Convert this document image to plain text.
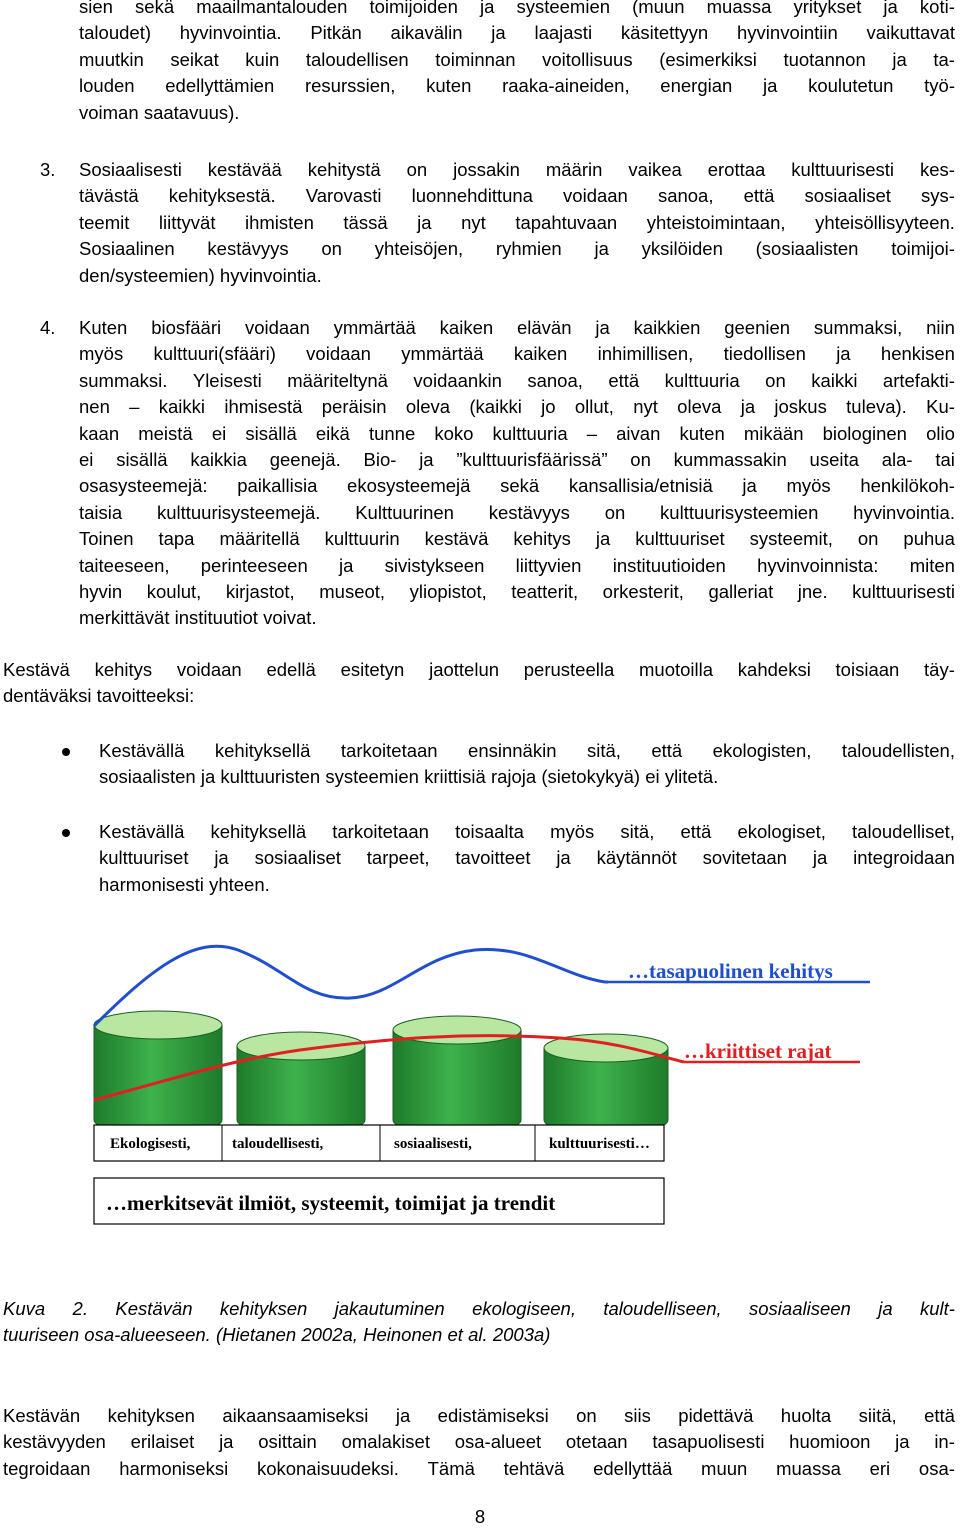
sien sekä maailmantalouden toimijoiden ja systeemien (muun muassa yritykset ja koti-
taloudet) hyvinvointia. Pitkän aikavälin ja laajasti käsitettyyn hyvinvointiin vaikuttavat
muutkin seikat kuin taloudellisen toiminnan voitollisuus (esimerkiksi tuotannon ja ta-
louden edellyttämien resurssien, kuten raaka-aineiden, energian ja koulutetun työ-
voiman saatavuus).
3. Sosiaalisesti kestävää kehitystä on jossakin määrin vaikea erottaa kulttuurisesti kes-
tävästä kehityksestä. Varovasti luonnehdittuna voidaan sanoa, että sosiaaliset sys-
teemit liittyvät ihmisten tässä ja nyt tapahtuvaan yhteistoimintaan, yhteisöllisyyteen.
Sosiaalinen kestävyys on yhteisöjen, ryhmien ja yksilöiden (sosiaalisten toimijoi-
den/systeemien) hyvinvointia.
4. Kuten biosfääri voidaan ymmärtää kaiken elävän ja kaikkien geenien summaksi, niin
myös kulttuuri(sfääri) voidaan ymmärtää kaiken inhimillisen, tiedollisen ja henkisen
summaksi. Yleisesti määriteltynä voidaankin sanoa, että kulttuuria on kaikki artefakti-
nen – kaikki ihmisestä peräisin oleva (kaikki jo ollut, nyt oleva ja joskus tuleva). Ku-
kaan meistä ei sisällä eikä tunne koko kulttuuria – aivan kuten mikään biologinen olio
ei sisällä kaikkia geenejä. Bio- ja ”kulttuurisfäärissä” on kummassakin useita ala- tai
osasysteemejä: paikallisia ekosysteemejä sekä kansallisia/etnisiä ja myös henkilökoh-
taisia kulttuurisysteemejä. Kulttuurinen kestävyys on kulttuurisysteemien hyvinvointia.
Toinen tapa määritellä kulttuurin kestävä kehitys ja kulttuuriset systeemit, on puhua
taiteeseen, perinteeseen ja sivistykseen liittyvien instituutioiden hyvinvoinnista: miten
hyvin koulut, kirjastot, museot, yliopistot, teatterit, orkesterit, galleriat jne. kulttuurisesti
merkittävät instituutiot voivat.
Kestävä kehitys voidaan edellä esitetyn jaottelun perusteella muotoilla kahdeksi toisiaan täy-
dentäväksi tavoitteeksi:
Kestävällä kehityksellä tarkoitetaan ensinnäkin sitä, että ekologisten, taloudellisten,
sosiaalisten ja kulttuuristen systeemien kriittisiä rajoja (sietokykyä) ei ylitetä.
Kestävällä kehityksellä tarkoitetaan toisaalta myös sitä, että ekologiset, taloudelliset,
kulttuuriset ja sosiaaliset tarpeet, tavoitteet ja käytännöt sovitetaan ja integroidaan
harmonisesti yhteen.
Ekologisesti,	taloudellisesti,	sosiaalisesti,	kulttuurisesti…
…merkitsevät ilmiöt, systeemit, toimijat ja trendit
…tasapuolinen kehitys
…kriittiset rajat
Kuva 2. Kestävän kehityksen jakautuminen ekologiseen, taloudelliseen, sosiaaliseen ja kult-
tuuriseen osa-alueeseen. (Hietanen 2002a, Heinonen et al. 2003a)
Kestävän kehityksen aikaansaamiseksi ja edistämiseksi on siis pidettävä huolta siitä, että
kestävyyden erilaiset ja osittain omalakiset osa-alueet otetaan tasapuolisesti huomioon ja in-
tegroidaan harmoniseksi kokonaisuudeksi. Tämä tehtävä edellyttää muun muassa eri osa-
8
